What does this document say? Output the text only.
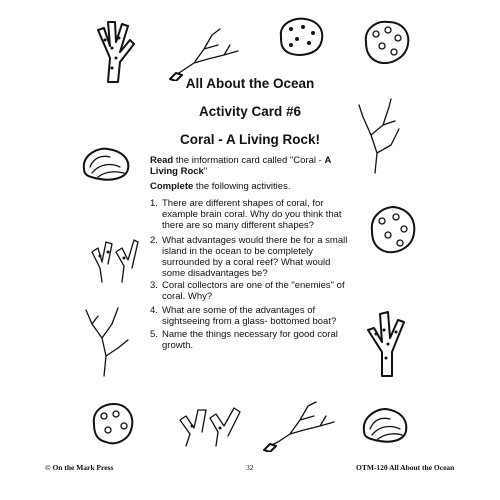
All About the Ocean

Activity Card #6

Coral - A Living Rock!

Read the information card called "Coral - A Living Rock"

Complete the following activities.

1. There are different shapes of coral, for example brain coral. Why do you think that there are so many different shapes?
2. What advantages would there be for a small island in the ocean to be completely surrounded by a coral reef? What would some disadvantages be?
3. Coral collectors are one of the "enemies" of coral. Why?
4. What are some of the advantages of sightseeing from a glass- bottomed boat?
5. Name the things necessary for good coral growth.
© On the Mark Press	32	OTM-120 All About the Ocean
